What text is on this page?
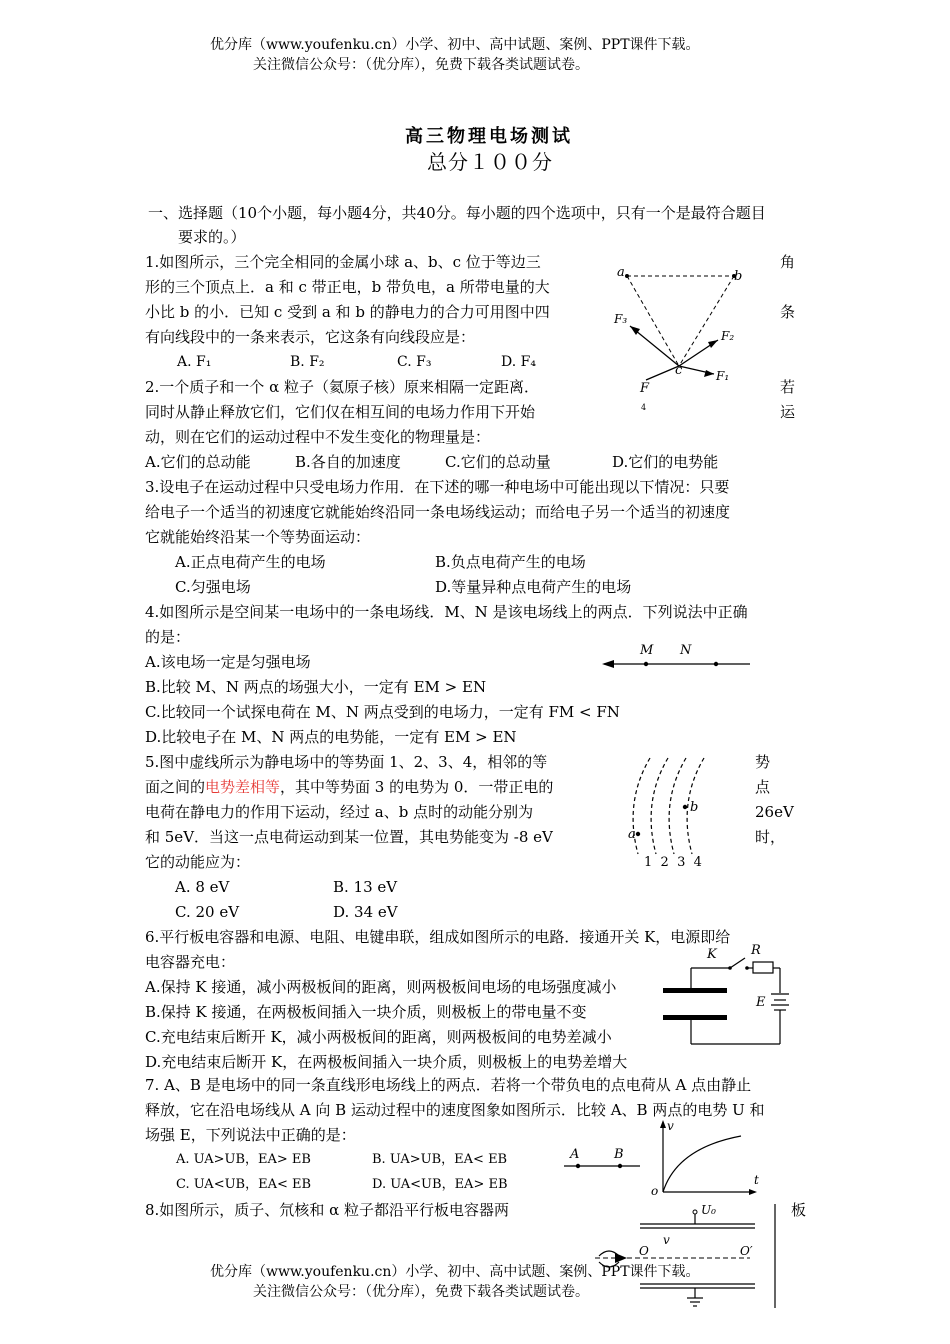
优分库（www.youfenku.cn）小学、初中、高中试题、案例、PPT课件下载。
关注微信公众号：（优分库），免费下载各类试题试卷。
高三物理电场测试
总分１００分
一、选择题（10个小题，每小题4分，共40分。每小题的四个选项中，只有一个是最符合题目
要求的。）
1.如图所示，三个完全相同的金属小球 a、b、c 位于等边三
形的三个顶点上．a 和 c 带正电，b 带负电，a 所带电量的大
小比 b 的小．已知 c 受到 a 和 b 的静电力的合力可用图中四
有向线段中的一条来表示，它这条有向线段应是：
角
条
A. F₁	B. F₂	C. F₃	D. F₄
a	b
c
F₃
F₂
F₁
F
4
2.一个质子和一个 α 粒子（氦原子核）原来相隔一定距离．
同时从静止释放它们，它们仅在相互间的电场力作用下开始
动，则在它们的运动过程中不发生变化的物理量是：
若
运
A.它们的总动能	B.各自的加速度	C.它们的总动量	D.它们的电势能
3.设电子在运动过程中只受电场力作用．在下述的哪一种电场中可能出现以下情况：只要
给电子一个适当的初速度它就能始终沿同一条电场线运动；而给电子另一个适当的初速度
它就能始终沿某一个等势面运动：
A.正点电荷产生的电场	B.负点电荷产生的电场
C.匀强电场	D.等量异种点电荷产生的电场
4.如图所示是空间某一电场中的一条电场线．M、N 是该电场线上的两点．下列说法中正确
的是：
A.该电场一定是匀强电场
B.比较 M、N 两点的场强大小，一定有 EM > EN
C.比较同一个试探电荷在 M、N 两点受到的电场力，一定有 FM < FN
D.比较电子在 M、N 两点的电势能，一定有 EM > EN
M N
5.图中虚线所示为静电场中的等势面 1、2、3、4，相邻的等
面之间的电势差相等，其中等势面 3 的电势为 0．一带正电的
电荷在静电力的作用下运动，经过 a、b 点时的动能分别为
和 5eV．当这一点电荷运动到某一位置，其电势能变为 -8 eV
它的动能应为：
势
点
26eV
时，
A. 8 eV	B. 13 eV
C. 20 eV	D. 34 eV
a
b
1  2  3  4
6.平行板电容器和电源、电阻、电键串联，组成如图所示的电路．接通开关 K，电源即给
电容器充电：
A.保持 K 接通，减小两极板间的距离，则两极板间电场的电场强度减小
B.保持 K 接通，在两极板间插入一块介质，则极板上的带电量不变
C.充电结束后断开 K，减小两极板间的距离，则两极板间的电势差减小
D.充电结束后断开 K，在两极板间插入一块介质，则极板上的电势差增大
K	R
E
7. A、B 是电场中的同一条直线形电场线上的两点．若将一个带负电的点电荷从 A 点由静止
释放，它在沿电场线从 A 向 B 运动过程中的速度图象如图所示．比较 A、B 两点的电势 U 和
场强 E，下列说法中正确的是：
A. UA>UB，EA> EB	B. UA>UB，EA< EB
C. UA<UB，EA< EB	D. UA<UB，EA> EB
A	B
v
t
o
8.如图所示，质子、氘核和 α 粒子都沿平行板电容器两	板
U₀
v
O	O′
优分库（www.youfenku.cn）小学、初中、高中试题、案例、PPT课件下载。
关注微信公众号：（优分库），免费下载各类试题试卷。
